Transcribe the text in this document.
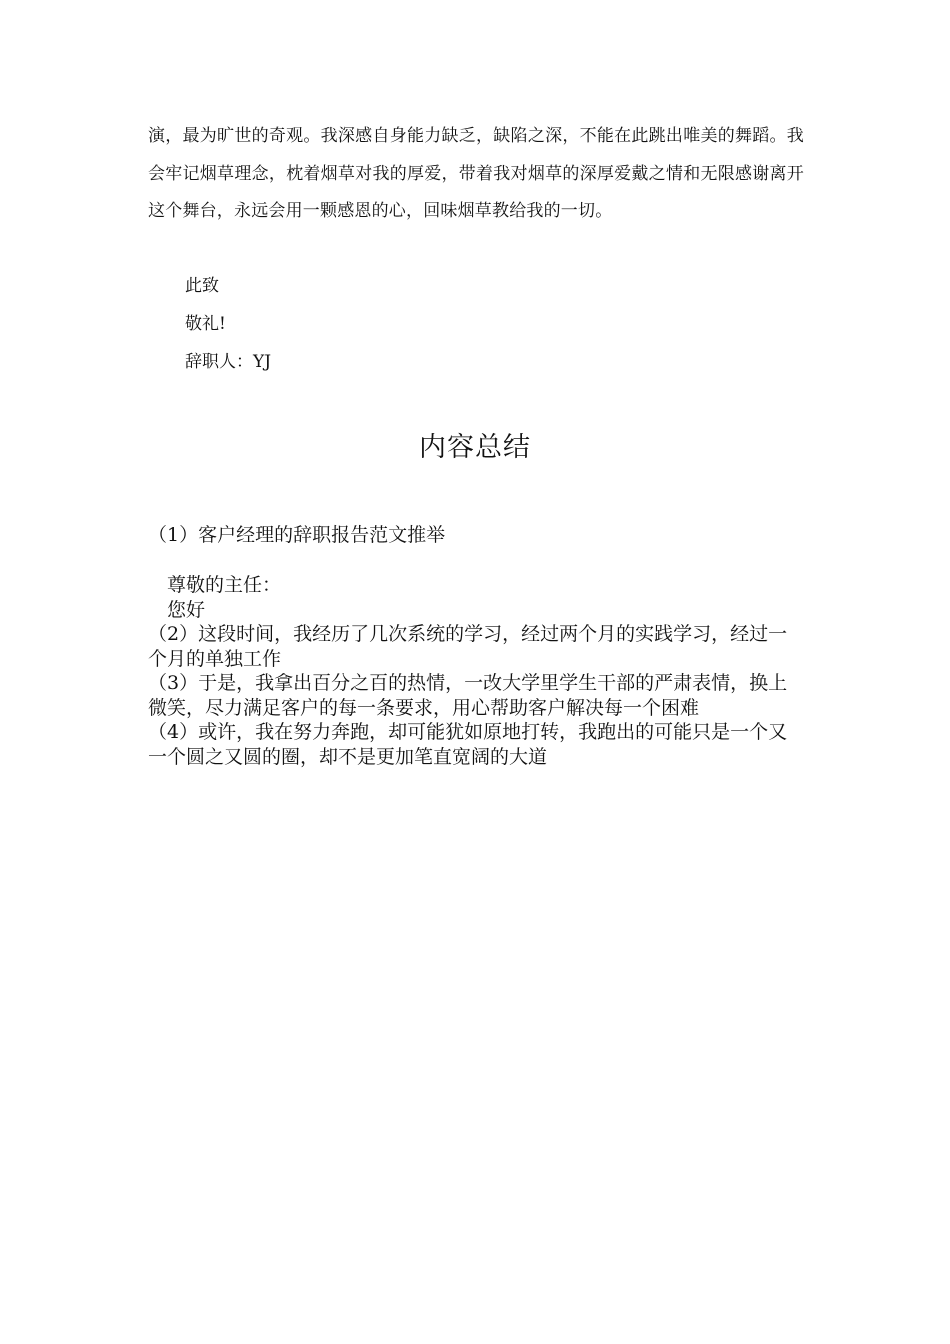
演，最为旷世的奇观。我深感自身能力缺乏，缺陷之深，不能在此跳出唯美的舞蹈。我会牢记烟草理念，枕着烟草对我的厚爱，带着我对烟草的深厚爱戴之情和无限感谢离开这个舞台，永远会用一颗感恩的心，回味烟草教给我的一切。
此致
敬礼!
辞职人：YJ
内容总结
（1）客户经理的辞职报告范文推举

尊敬的主任：

您好

（2）这段时间，我经历了几次系统的学习，经过两个月的实践学习，经过一个月的单独工作

（3）于是，我拿出百分之百的热情，一改大学里学生干部的严肃表情，换上微笑，尽力满足客户的每一条要求，用心帮助客户解决每一个困难

（4）或许，我在努力奔跑，却可能犹如原地打转，我跑出的可能只是一个又一个圆之又圆的圈，却不是更加笔直宽阔的大道
